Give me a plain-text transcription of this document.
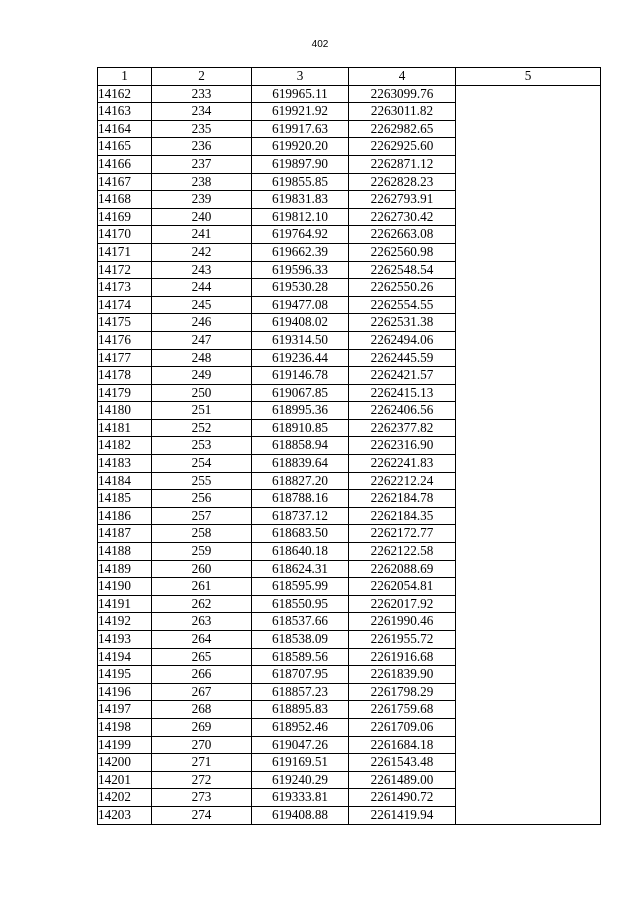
402
1	2	3	4	5
14162	233	619965.11	2263099.76	
14163	234	619921.92	2263011.82	
14164	235	619917.63	2262982.65	
14165	236	619920.20	2262925.60	
14166	237	619897.90	2262871.12	
14167	238	619855.85	2262828.23	
14168	239	619831.83	2262793.91	
14169	240	619812.10	2262730.42	
14170	241	619764.92	2262663.08	
14171	242	619662.39	2262560.98	
14172	243	619596.33	2262548.54	
14173	244	619530.28	2262550.26	
14174	245	619477.08	2262554.55	
14175	246	619408.02	2262531.38	
14176	247	619314.50	2262494.06	
14177	248	619236.44	2262445.59	
14178	249	619146.78	2262421.57	
14179	250	619067.85	2262415.13	
14180	251	618995.36	2262406.56	
14181	252	618910.85	2262377.82	
14182	253	618858.94	2262316.90	
14183	254	618839.64	2262241.83	
14184	255	618827.20	2262212.24	
14185	256	618788.16	2262184.78	
14186	257	618737.12	2262184.35	
14187	258	618683.50	2262172.77	
14188	259	618640.18	2262122.58	
14189	260	618624.31	2262088.69	
14190	261	618595.99	2262054.81	
14191	262	618550.95	2262017.92	
14192	263	618537.66	2261990.46	
14193	264	618538.09	2261955.72	
14194	265	618589.56	2261916.68	
14195	266	618707.95	2261839.90	
14196	267	618857.23	2261798.29	
14197	268	618895.83	2261759.68	
14198	269	618952.46	2261709.06	
14199	270	619047.26	2261684.18	
14200	271	619169.51	2261543.48	
14201	272	619240.29	2261489.00	
14202	273	619333.81	2261490.72	
14203	274	619408.88	2261419.94	
